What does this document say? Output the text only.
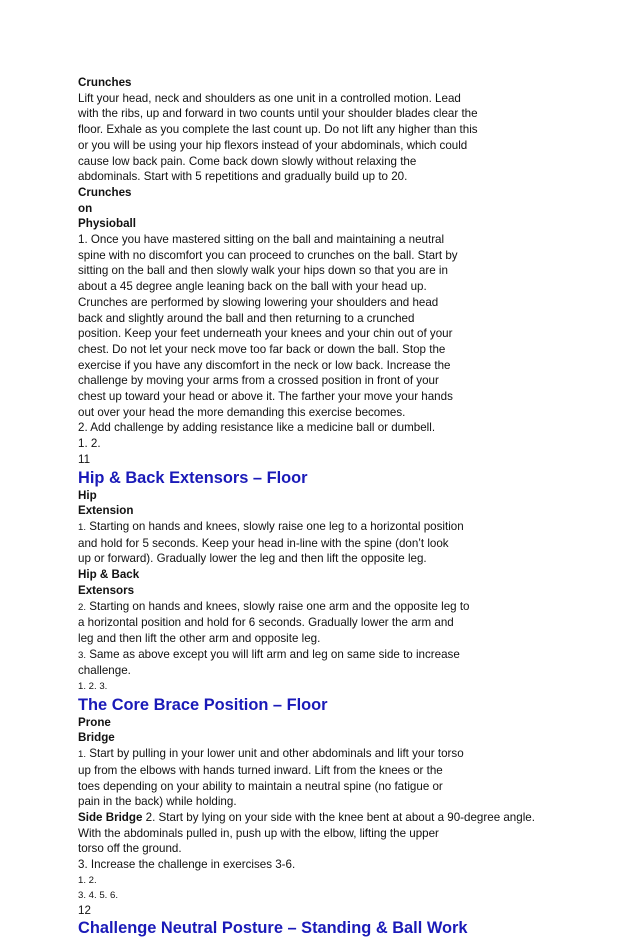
Crunches
Lift your head, neck and shoulders as one unit in a controlled motion. Lead
with the ribs, up and forward in two counts until your shoulder blades clear the
floor. Exhale as you complete the last count up. Do not lift any higher than this
or you will be using your hip flexors instead of your abdominals, which could
cause low back pain. Come back down slowly without relaxing the
abdominals. Start with 5 repetitions and gradually build up to 20.
Crunches
on
Physioball
1. Once you have mastered sitting on the ball and maintaining a neutral
spine with no discomfort you can proceed to crunches on the ball. Start by
sitting on the ball and then slowly walk your hips down so that you are in
about a 45 degree angle leaning back on the ball with your head up.
Crunches are performed by slowing lowering your shoulders and head
back and slightly around the ball and then returning to a crunched
position. Keep your feet underneath your knees and your chin out of your
chest. Do not let your neck move too far back or down the ball. Stop the
exercise if you have any discomfort in the neck or low back. Increase the
challenge by moving your arms from a crossed position in front of your
chest up toward your head or above it. The farther your move your hands
out over your head the more demanding this exercise becomes.
2. Add challenge by adding resistance like a medicine ball or dumbell.
1. 2.
11
Hip & Back Extensors – Floor
Hip
Extension
1. Starting on hands and knees, slowly raise one leg to a horizontal position
and hold for 5 seconds. Keep your head in-line with the spine (don’t look
up or forward). Gradually lower the leg and then lift the opposite leg.
Hip & Back
Extensors
2. Starting on hands and knees, slowly raise one arm and the opposite leg to
a horizontal position and hold for 6 seconds. Gradually lower the arm and
leg and then lift the other arm and opposite leg.
3. Same as above except you will lift arm and leg on same side to increase
challenge.
1. 2. 3.
The Core Brace Position – Floor
Prone
Bridge
1. Start by pulling in your lower unit and other abdominals and lift your torso
up from the elbows with hands turned inward. Lift from the knees or the
toes depending on your ability to maintain a neutral spine (no fatigue or
pain in the back) while holding.
Side Bridge 2. Start by lying on your side with the knee bent at about a 90-degree angle.
With the abdominals pulled in, push up with the elbow, lifting the upper
torso off the ground.
3. Increase the challenge in exercises 3-6.
1. 2.
3. 4. 5. 6.
12
Challenge Neutral Posture – Standing & Ball Work
